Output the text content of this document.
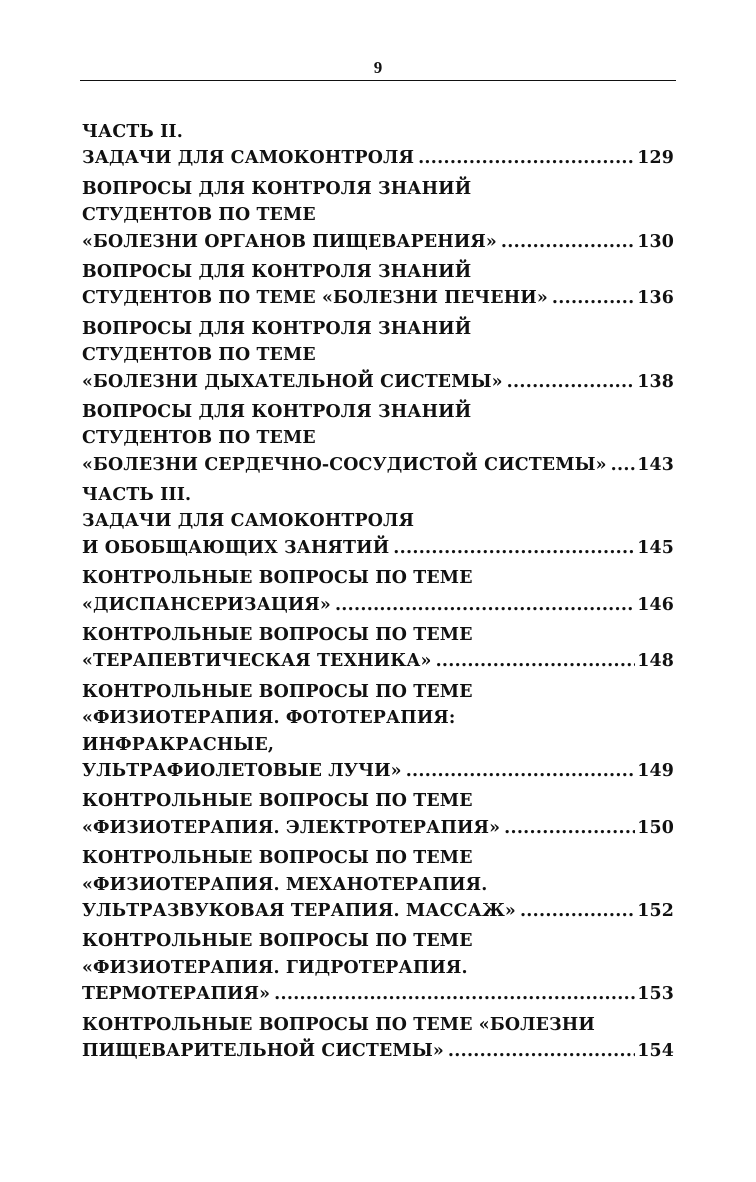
9
ЧАСТЬ II.
ЗАДАЧИ ДЛЯ САМОКОНТРОЛЯ .....	129
ВОПРОСЫ ДЛЯ КОНТРОЛЯ ЗНАНИЙ
СТУДЕНТОВ ПО ТЕМЕ
«БОЛЕЗНИ ОРГАНОВ ПИЩЕВАРЕНИЯ» .....	130
ВОПРОСЫ ДЛЯ КОНТРОЛЯ ЗНАНИЙ
СТУДЕНТОВ ПО ТЕМЕ «БОЛЕЗНИ ПЕЧЕНИ» .....	136
ВОПРОСЫ ДЛЯ КОНТРОЛЯ ЗНАНИЙ
СТУДЕНТОВ ПО ТЕМЕ
«БОЛЕЗНИ ДЫХАТЕЛЬНОЙ СИСТЕМЫ» .....	138
ВОПРОСЫ ДЛЯ КОНТРОЛЯ ЗНАНИЙ
СТУДЕНТОВ ПО ТЕМЕ
«БОЛЕЗНИ СЕРДЕЧНО-СОСУДИСТОЙ СИСТЕМЫ» ..... 143
ЧАСТЬ III.
ЗАДАЧИ ДЛЯ САМОКОНТРОЛЯ
И ОБОБЩАЮЩИХ ЗАНЯТИЙ .....	145
КОНТРОЛЬНЫЕ ВОПРОСЫ ПО ТЕМЕ
«ДИСПАНСЕРИЗАЦИЯ» .....	146
КОНТРОЛЬНЫЕ ВОПРОСЫ ПО ТЕМЕ
«ТЕРАПЕВТИЧЕСКАЯ ТЕХНИКА» .....	148
КОНТРОЛЬНЫЕ ВОПРОСЫ ПО ТЕМЕ
«ФИЗИОТЕРАПИЯ. ФОТОТЕРАПИЯ:
ИНФРАКРАСНЫЕ,
УЛЬТРАФИОЛЕТОВЫЕ ЛУЧИ» .....	149
КОНТРОЛЬНЫЕ ВОПРОСЫ ПО ТЕМЕ
«ФИЗИОТЕРАПИЯ. ЭЛЕКТРОТЕРАПИЯ» .....	150
КОНТРОЛЬНЫЕ ВОПРОСЫ ПО ТЕМЕ
«ФИЗИОТЕРАПИЯ. МЕХАНОТЕРАПИЯ.
УЛЬТРАЗВУКОВАЯ ТЕРАПИЯ. МАССАЖ» .....	152
КОНТРОЛЬНЫЕ ВОПРОСЫ ПО ТЕМЕ
«ФИЗИОТЕРАПИЯ. ГИДРОТЕРАПИЯ.
ТЕРМОТЕРАПИЯ» .....	153
КОНТРОЛЬНЫЕ ВОПРОСЫ ПО ТЕМЕ «БОЛЕЗНИ
ПИЩЕВАРИТЕЛЬНОЙ СИСТЕМЫ» .....	154
